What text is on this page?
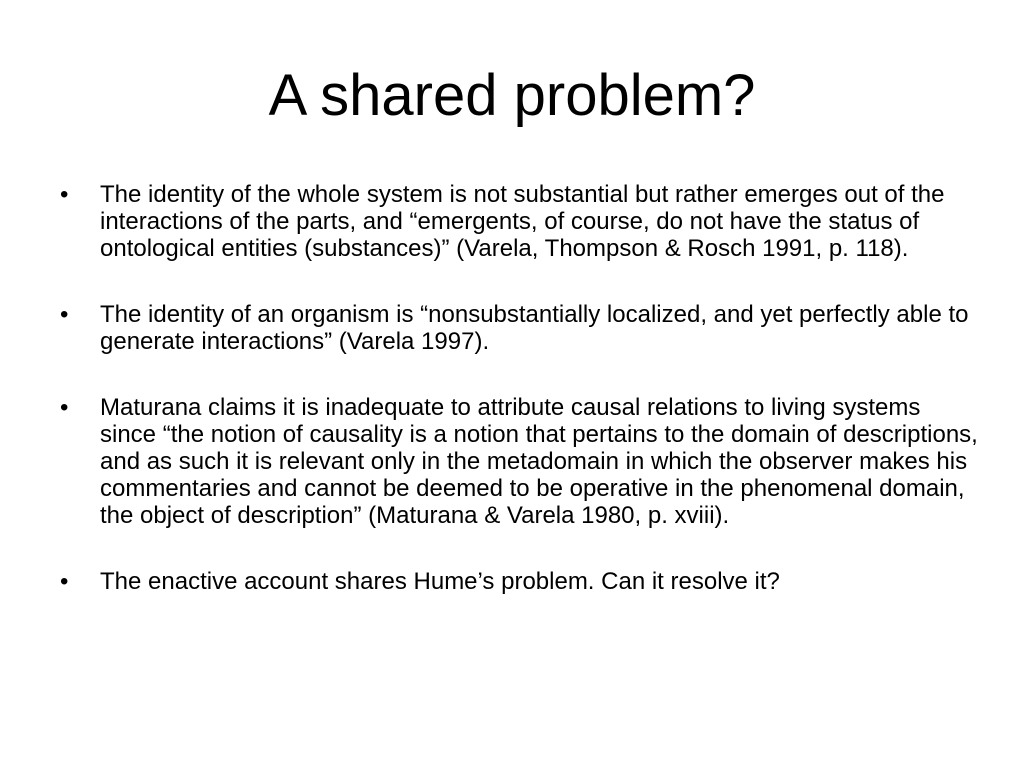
A shared problem?
•	The identity of the whole system is not substantial but rather emerges out of the interactions of the parts, and “emergents, of course, do not have the status of ontological entities (substances)” (Varela, Thompson & Rosch 1991, p. 118).
•	The identity of an organism is “nonsubstantially localized, and yet perfectly able to generate interactions” (Varela 1997).
•	Maturana claims it is inadequate to attribute causal relations to living systems since “the notion of causality is a notion that pertains to the domain of descriptions, and as such it is relevant only in the metadomain in which the observer makes his commentaries and cannot be deemed to be operative in the phenomenal domain, the object of description” (Maturana & Varela 1980, p. xviii).
•	The enactive account shares Hume’s problem. Can it resolve it?
